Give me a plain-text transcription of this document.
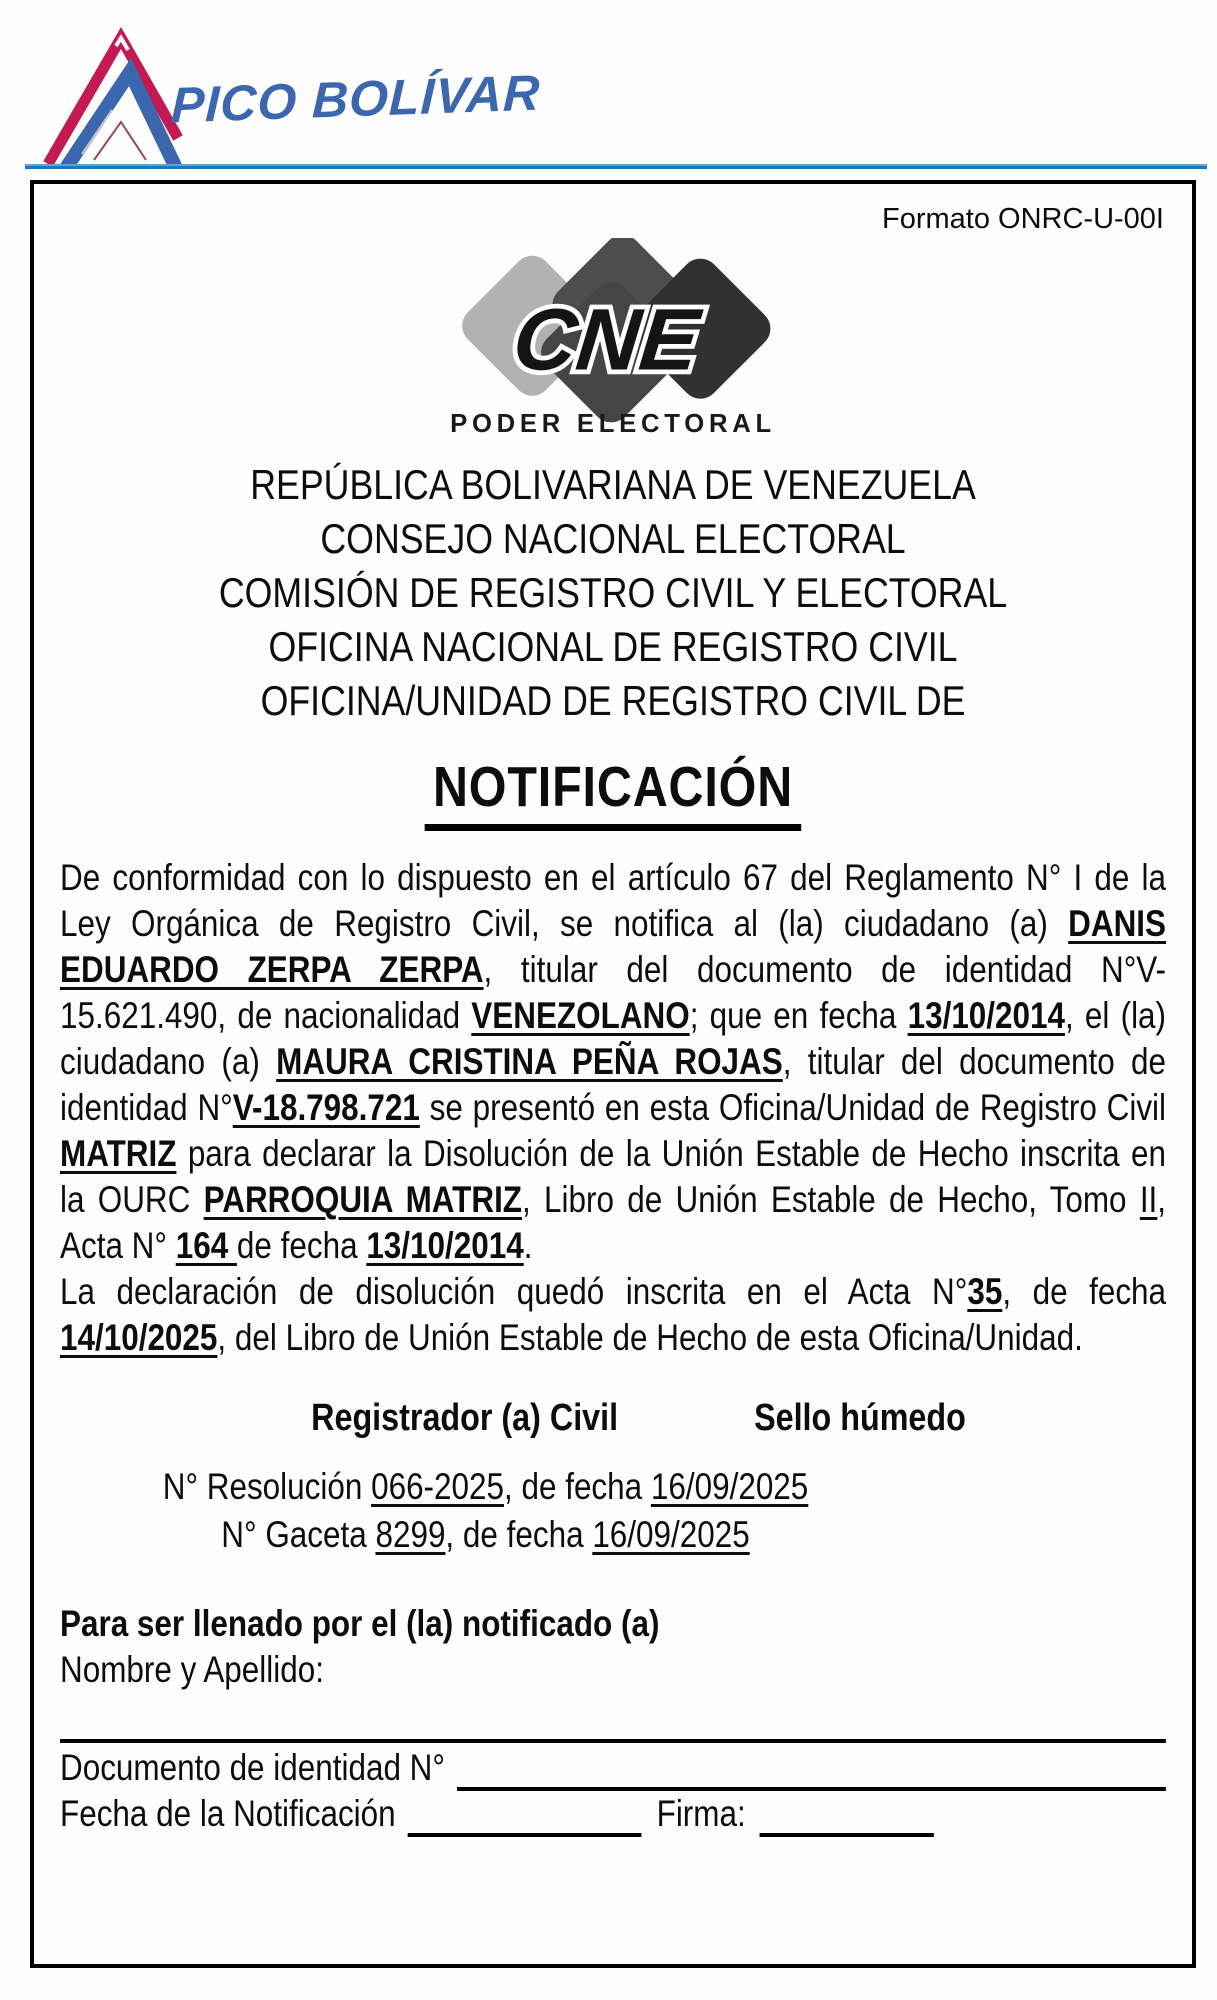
PICO BOLÍVAR
Formato ONRC-U-00I
CNE
PODER ELECTORAL
REPÚBLICA BOLIVARIANA DE VENEZUELA
CONSEJO NACIONAL ELECTORAL
COMISIÓN DE REGISTRO CIVIL Y ELECTORAL
OFICINA NACIONAL DE REGISTRO CIVIL
OFICINA/UNIDAD DE REGISTRO CIVIL DE
NOTIFICACIÓN

De conformidad con lo dispuesto en el artículo 67 del Reglamento N° I de la Ley Orgánica de Registro Civil, se notifica al (la) ciudadano (a) DANIS EDUARDO ZERPA ZERPA, titular del documento de identidad N°V-15.621.490, de nacionalidad VENEZOLANO; que en fecha 13/10/2014, el (la) ciudadano (a) MAURA CRISTINA PEÑA ROJAS, titular del documento de identidad N°V-18.798.721 se presentó en esta Oficina/Unidad de Registro Civil MATRIZ para declarar la Disolución de la Unión Estable de Hecho inscrita en la OURC PARROQUIA MATRIZ, Libro de Unión Estable de Hecho, Tomo II, Acta N° 164 de fecha 13/10/2014.

La declaración de disolución quedó inscrita en el Acta N°35, de fecha 14/10/2025, del Libro de Unión Estable de Hecho de esta Oficina/Unidad.

Registrador (a) Civil	Sello húmedo
N° Resolución 066-2025, de fecha 16/09/2025
N° Gaceta 8299, de fecha 16/09/2025
Para ser llenado por el (la) notificado (a)
Nombre y Apellido:
Documento de identidad N°
Fecha de la Notificación	Firma:
